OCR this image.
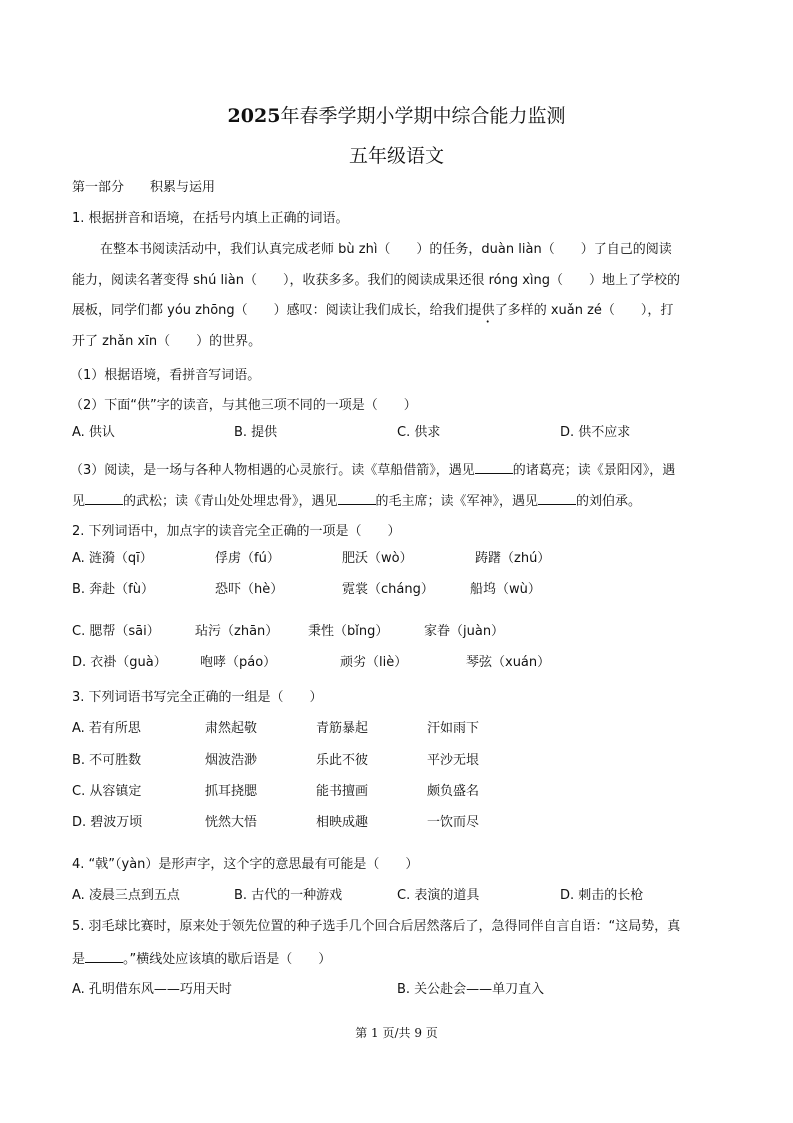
2025年春季学期小学期中综合能力监测
五年级语文
第一部分　　积累与运用
1. 根据拼音和语境，在括号内填上正确的词语。
在整本书阅读活动中，我们认真完成老师 bù zhì（　　）的任务，duàn liàn（　　）了自己的阅读
能力，阅读名著变得 shú liàn（　　），收获多多。我们的阅读成果还很 róng xìng（　　）地上了学校的
展板，同学们都 yóu zhōng（　　）感叹：阅读让我们成长，给我们提供了多样的 xuǎn zé（　　），打
开了 zhǎn xīn（　　）的世界。
（1）根据语境，看拼音写词语。
（2）下面“供”字的读音，与其他三项不同的一项是（　　）
A. 供认	B. 提供	C. 供求	D. 供不应求
（3）阅读，是一场与各种人物相遇的心灵旅行。读《草船借箭》，遇见	的诸葛亮；读《景阳冈》，遇
见	的武松；读《青山处处埋忠骨》，遇见	的毛主席；读《军神》，遇见	的刘伯承。
2. 下列词语中，加点字的读音完全正确的一项是（　　）
A. 涟漪（qī）	俘虏（fú）	肥沃（wò）	踌躇（zhú）
B. 奔赴（fù）	恐吓（hè）	霓裳（cháng）	船坞（wù）
C. 腮帮（sāi）	玷污（zhān） 秉性（bǐng）	家眷（juàn）
D. 衣褂（guà）	咆哮（páo）	顽劣（liè）	琴弦（xuán）
3. 下列词语书写完全正确的一组是（　　）
A. 若有所思	肃然起敬	青筋暴起	汗如雨下
B. 不可胜数	烟波浩渺	乐此不彼	平沙无垠
C. 从容镇定	抓耳挠腮	能书擅画	颇负盛名
D. 碧波万顷	恍然大悟	相映成趣	一饮而尽
4. “戟”（yàn）是形声字，这个字的意思最有可能是（　　）
A. 凌晨三点到五点	B. 古代的一种游戏	C. 表演的道具	D. 刺击的长枪
5. 羽毛球比赛时，原来处于领先位置的种子选手几个回合后居然落后了，急得同伴自言自语：“这局势，真
是	。”横线处应该填的歇后语是（　　）
A. 孔明借东风——巧用天时	B. 关公赴会——单刀直入
第 1 页/共 9 页
